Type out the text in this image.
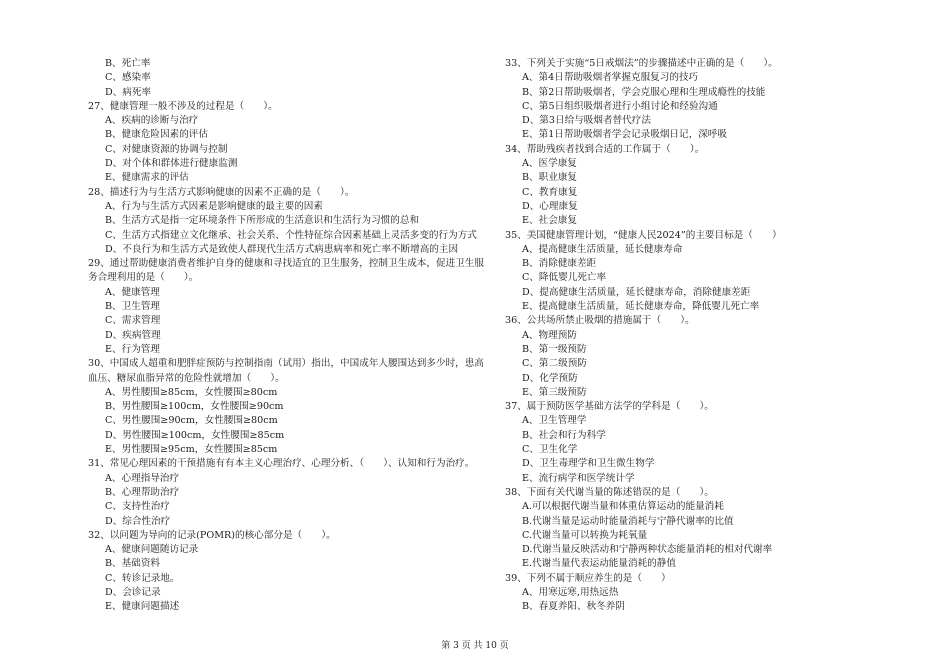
B、死亡率
C、感染率
D、病死率
27、健康管理一般不涉及的过程是（　　）。
A、疾病的诊断与治疗
B、健康危险因素的评估
C、对健康资源的协调与控制
D、对个体和群体进行健康监测
E、健康需求的评估
28、描述行为与生活方式影响健康的因素不正确的是（　　）。
A、行为与生活方式因素是影响健康的最主要的因素
B、生活方式是指一定环境条件下所形成的生活意识和生活行为习惯的总和
C、生活方式指建立文化继承、社会关系、个性特征综合因素基础上灵活多变的行为方式
D、不良行为和生活方式是致使人群现代生活方式病患病率和死亡率不断增高的主因
29、通过帮助健康消费者维护自身的健康和寻找适宜的卫生服务，控制卫生成本，促进卫生服
务合理利用的是（　　）。
A、健康管理
B、卫生管理
C、需求管理
D、疾病管理
E、行为管理
30、中国成人超重和肥胖症预防与控制指南（试用）指出，中国成年人腰围达到多少时，患高
血压、糖尿血脂异常的危险性就增加（　　）。
A、男性腰围≥85cm，女性腰围≥80cm
B、男性腰围≥100cm，女性腰围≥90cm
C、男性腰围≥90cm，女性腰围≥80cm
D、男性腰围≥100cm，女性腰围≥85cm
E、男性腰围≥95cm，女性腰围≥85cm
31、常见心理因素的干预措施有有本主义心理治疗、心理分析、（　　）、认知和行为治疗。
A、心理指导治疗
B、心理帮助治疗
C、支持性治疗
D、综合性治疗
32、以问题为导向的记录(POMR)的核心部分是（　　）。
A、健康问题随访记录
B、基础资料
C、转诊记录地。
D、会诊记录
E、健康问题描述
33、下列关于实施“5日戒烟法”的步骤描述中正确的是（　　）。
A、第4日帮助吸烟者掌握克服复习的技巧
B、第2日帮助吸烟者，学会克服心理和生理成瘾性的技能
C、第5日组织吸烟者进行小组讨论和经验沟通
D、第3日给与吸烟者替代疗法
E、第1日帮助吸烟者学会记录吸烟日记，深呼吸
34、帮助残疾者找到合适的工作属于（　　）。
A、医学康复
B、职业康复
C、教育康复
D、心理康复
E、社会康复
35、美国健康管理计划，“健康人民2024”的主要目标是（　　）
A、提高健康生活质量，延长健康寿命
B、消除健康差距
C、降低婴儿死亡率
D、提高健康生活质量，延长健康寿命，消除健康差距
E、提高健康生活质量，延长健康寿命，降低婴儿死亡率
36、公共场所禁止吸烟的措施属于（　　）。
A、物理预防
B、第一级预防
C、第二级预防
D、化学预防
E、第三级预防
37、属于预防医学基础方法学的学科是（　　）。
A、卫生管理学
B、社会和行为科学
C、卫生化学
D、卫生毒理学和卫生微生物学
E、流行病学和医学统计学
38、下面有关代谢当量的陈述错误的是（　　）。
A.可以根据代谢当量和体重估算运动的能量消耗
B.代谢当量是运动时能量消耗与宁静代谢率的比值
C.代谢当量可以转换为耗氧量
D.代谢当量反映活动和宁静两种状态能量消耗的相对代谢率
E.代谢当量代表运动能量消耗的静值
39、下列不属于顺应养生的是（　　）
A、用寒远寒,用热远热
B、春夏养阳、秋冬养阴
第 3 页 共 10 页
